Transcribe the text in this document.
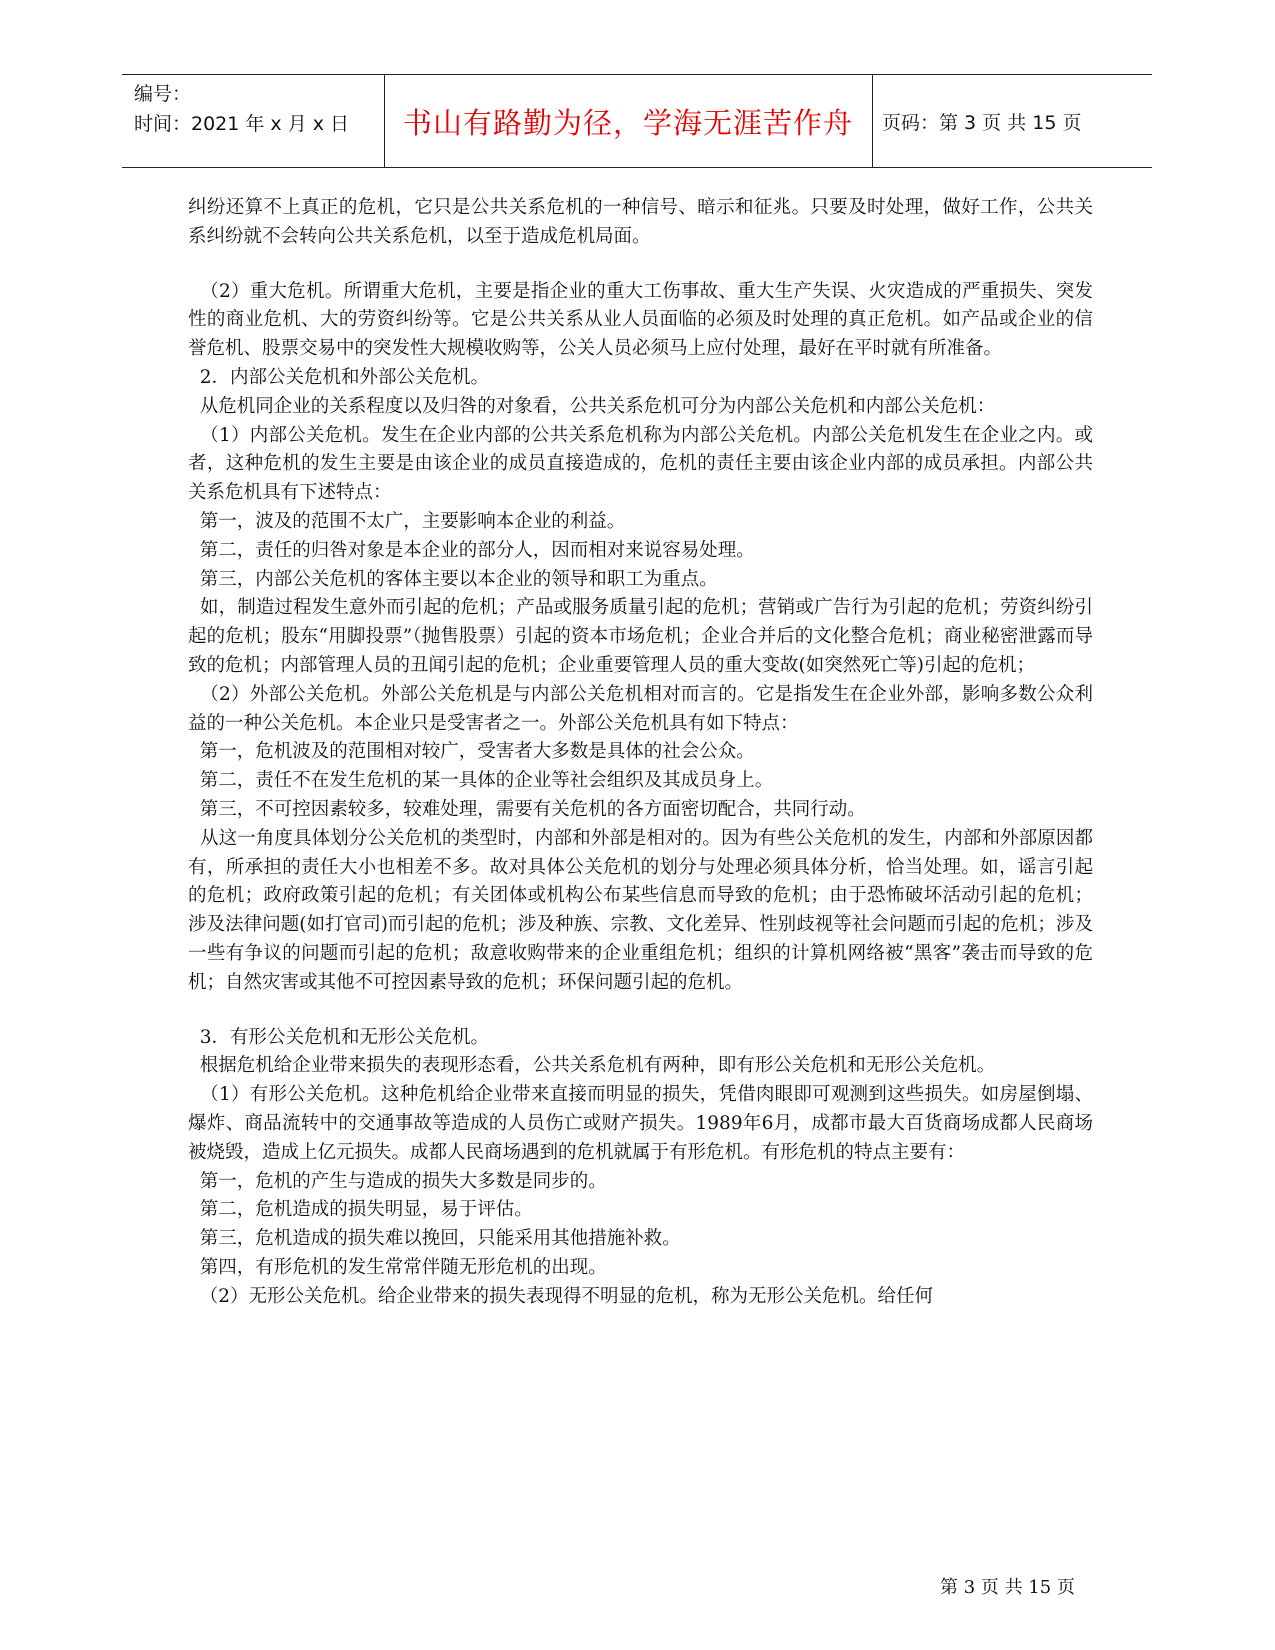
编号：
时间：2021 年 x 月 x 日 书山有路勤为径，学海无涯苦作舟	页码：第 3 页 共 15 页

纠纷还算不上真正的危机，它只是公共关系危机的一种信号、暗示和征兆。只要及时处理，做好工作，公共关系纠纷就不会转向公共关系危机，以至于造成危机局面。

（2）重大危机。所谓重大危机，主要是指企业的重大工伤事故、重大生产失误、火灾造成的严重损失、突发性的商业危机、大的劳资纠纷等。它是公共关系从业人员面临的必须及时处理的真正危机。如产品或企业的信誉危机、股票交易中的突发性大规模收购等，公关人员必须马上应付处理，最好在平时就有所准备。

2．内部公关危机和外部公关危机。

从危机同企业的关系程度以及归咎的对象看，公共关系危机可分为内部公关危机和内部公关危机：

（1）内部公关危机。发生在企业内部的公共关系危机称为内部公关危机。内部公关危机发生在企业之内。或者，这种危机的发生主要是由该企业的成员直接造成的，危机的责任主要由该企业内部的成员承担。内部公共关系危机具有下述特点：

第一，波及的范围不太广，主要影响本企业的利益。

第二，责任的归咎对象是本企业的部分人，因而相对来说容易处理。

第三，内部公关危机的客体主要以本企业的领导和职工为重点。

如，制造过程发生意外而引起的危机；产品或服务质量引起的危机；营销或广告行为引起的危机；劳资纠纷引起的危机；股东“用脚投票”（抛售股票）引起的资本市场危机；企业合并后的文化整合危机；商业秘密泄露而导致的危机；内部管理人员的丑闻引起的危机；企业重要管理人员的重大变故(如突然死亡等)引起的危机；

（2）外部公关危机。外部公关危机是与内部公关危机相对而言的。它是指发生在企业外部，影响多数公众利益的一种公关危机。本企业只是受害者之一。外部公关危机具有如下特点：

第一，危机波及的范围相对较广，受害者大多数是具体的社会公众。

第二，责任不在发生危机的某一具体的企业等社会组织及其成员身上。

第三，不可控因素较多，较难处理，需要有关危机的各方面密切配合，共同行动。

从这一角度具体划分公关危机的类型时，内部和外部是相对的。因为有些公关危机的发生，内部和外部原因都有，所承担的责任大小也相差不多。故对具体公关危机的划分与处理必须具体分析，恰当处理。如，谣言引起的危机；政府政策引起的危机；有关团体或机构公布某些信息而导致的危机；由于恐怖破坏活动引起的危机；涉及法律问题(如打官司)而引起的危机；涉及种族、宗教、文化差异、性别歧视等社会问题而引起的危机；涉及一些有争议的问题而引起的危机；敌意收购带来的企业重组危机；组织的计算机网络被“黑客”袭击而导致的危机；自然灾害或其他不可控因素导致的危机；环保问题引起的危机。

3．有形公关危机和无形公关危机。

根据危机给企业带来损失的表现形态看，公共关系危机有两种，即有形公关危机和无形公关危机。

（1）有形公关危机。这种危机给企业带来直接而明显的损失，凭借肉眼即可观测到这些损失。如房屋倒塌、爆炸、商品流转中的交通事故等造成的人员伤亡或财产损失。1989年6月，成都市最大百货商场成都人民商场被烧毁，造成上亿元损失。成都人民商场遇到的危机就属于有形危机。有形危机的特点主要有：

第一，危机的产生与造成的损失大多数是同步的。

第二，危机造成的损失明显，易于评估。

第三，危机造成的损失难以挽回，只能采用其他措施补救。

第四，有形危机的发生常常伴随无形危机的出现。

（2）无形公关危机。给企业带来的损失表现得不明显的危机，称为无形公关危机。给任何

第 3 页 共 15 页
